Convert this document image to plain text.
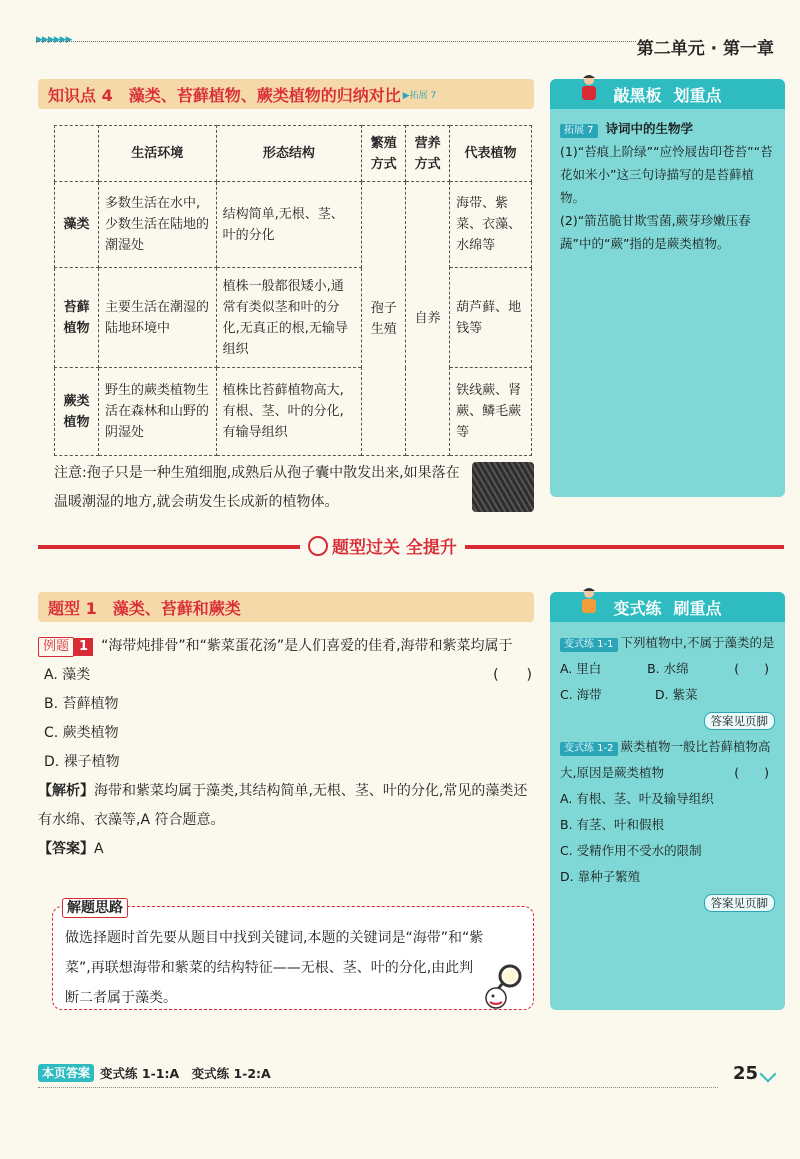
▶▶▶▶▶▶	第二单元 · 第一章
知识点 4　藻类、苔藓植物、蕨类植物的归纳对比 ▶拓展 7
	生活环境	形态结构	繁殖方式	营养方式	代表植物
藻类	多数生活在水中,少数生活在陆地的潮湿处	结构简单,无根、茎、叶的分化	孢子生殖	自养	海带、紫菜、衣藻、水绵等
苔藓植物	主要生活在潮湿的陆地环境中	植株一般都很矮小,通常有类似茎和叶的分化,无真正的根,无输导组织			葫芦藓、地钱等
蕨类植物	野生的蕨类植物生活在森林和山野的阴湿处	植株比苔藓植物高大,有根、茎、叶的分化,有输导组织			铁线蕨、肾蕨、鳞毛蕨等
注意:孢子只是一种生殖细胞,成熟后从孢子囊中散发出来,如果落在温暖潮湿的地方,就会萌发生长成新的植物体。
敲黑板 划重点
拓展 7 诗词中的生物学
(1)“苔痕上阶绿”“应怜屐齿印苍苔”“苔花如米小”这三句诗描写的是苔藓植物。
(2)“箭茁脆甘欺雪菌,蕨芽珍嫩压春蔬”中的“蕨”指的是蕨类植物。
题型过关 全提升
题型 1　藻类、苔藓和蕨类
例题 1 “海带炖排骨”和“紫菜蛋花汤”是人们喜爱的佳肴,海带和紫菜均属于
(　　)
A. 藻类
B. 苔藓植物
C. 蕨类植物
D. 裸子植物
【解析】海带和紫菜均属于藻类,其结构简单,无根、茎、叶的分化,常见的藻类还有水绵、衣藻等,A 符合题意。
【答案】A
做选择题时首先要从题目中找到关键词,本题的关键词是“海带”和“紫菜”,再联想海带和紫菜的结构特征——无根、茎、叶的分化,由此判断二者属于藻类。
解题思路
变式练 刷重点
变式练 1-1 下列植物中,不属于藻类的是
(　　)
A. 里白	B. 水绵
C. 海带	D. 紫菜
答案见页脚
变式练 1-2 蕨类植物一般比苔藓植物高大,原因是蕨类植物	(　　)
A. 有根、茎、叶及输导组织
B. 有茎、叶和假根
C. 受精作用不受水的限制
D. 靠种子繁殖
答案见页脚
本页答案 变式练 1-1:A　变式练 1-2:A	25
